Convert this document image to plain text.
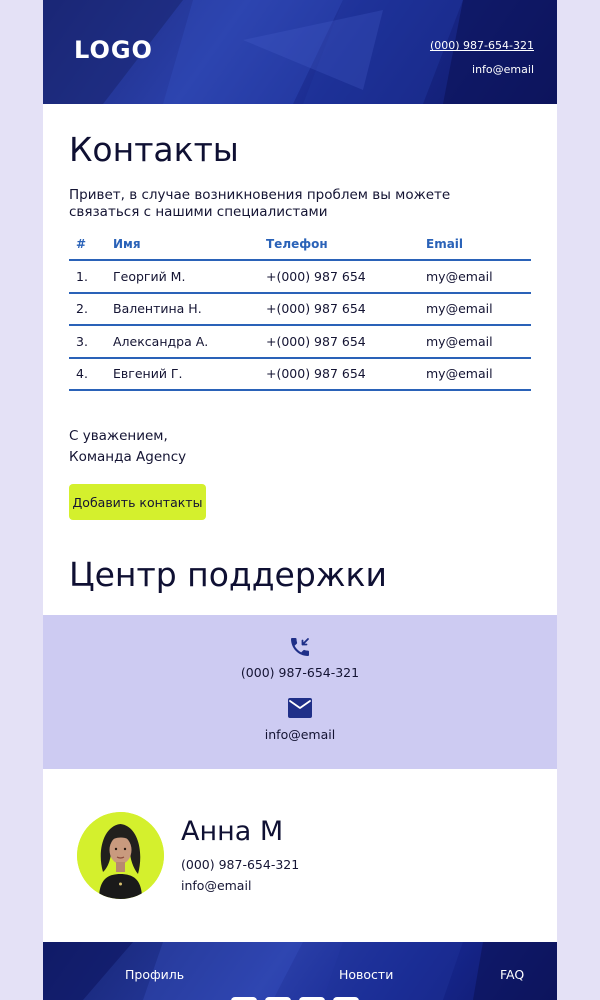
LOGO	(000) 987-654-321
info@email
Контакты

Привет, в случае возникновения проблем вы можете связаться с нашими специалистами

#	Имя	Телефон	Email
1.	Георгий М.	+(000) 987 654	my@email
2.	Валентина Н.	+(000) 987 654	my@email
3.	Александра А.	+(000) 987 654	my@email
4.	Евгений Г.	+(000) 987 654	my@email
С уважением,
Команда Agency
Добавить контакты
Центр поддержки
(000) 987-654-321
info@email
Анна М
(000) 987-654-321
info@email
Профиль	Новости	FAQ
